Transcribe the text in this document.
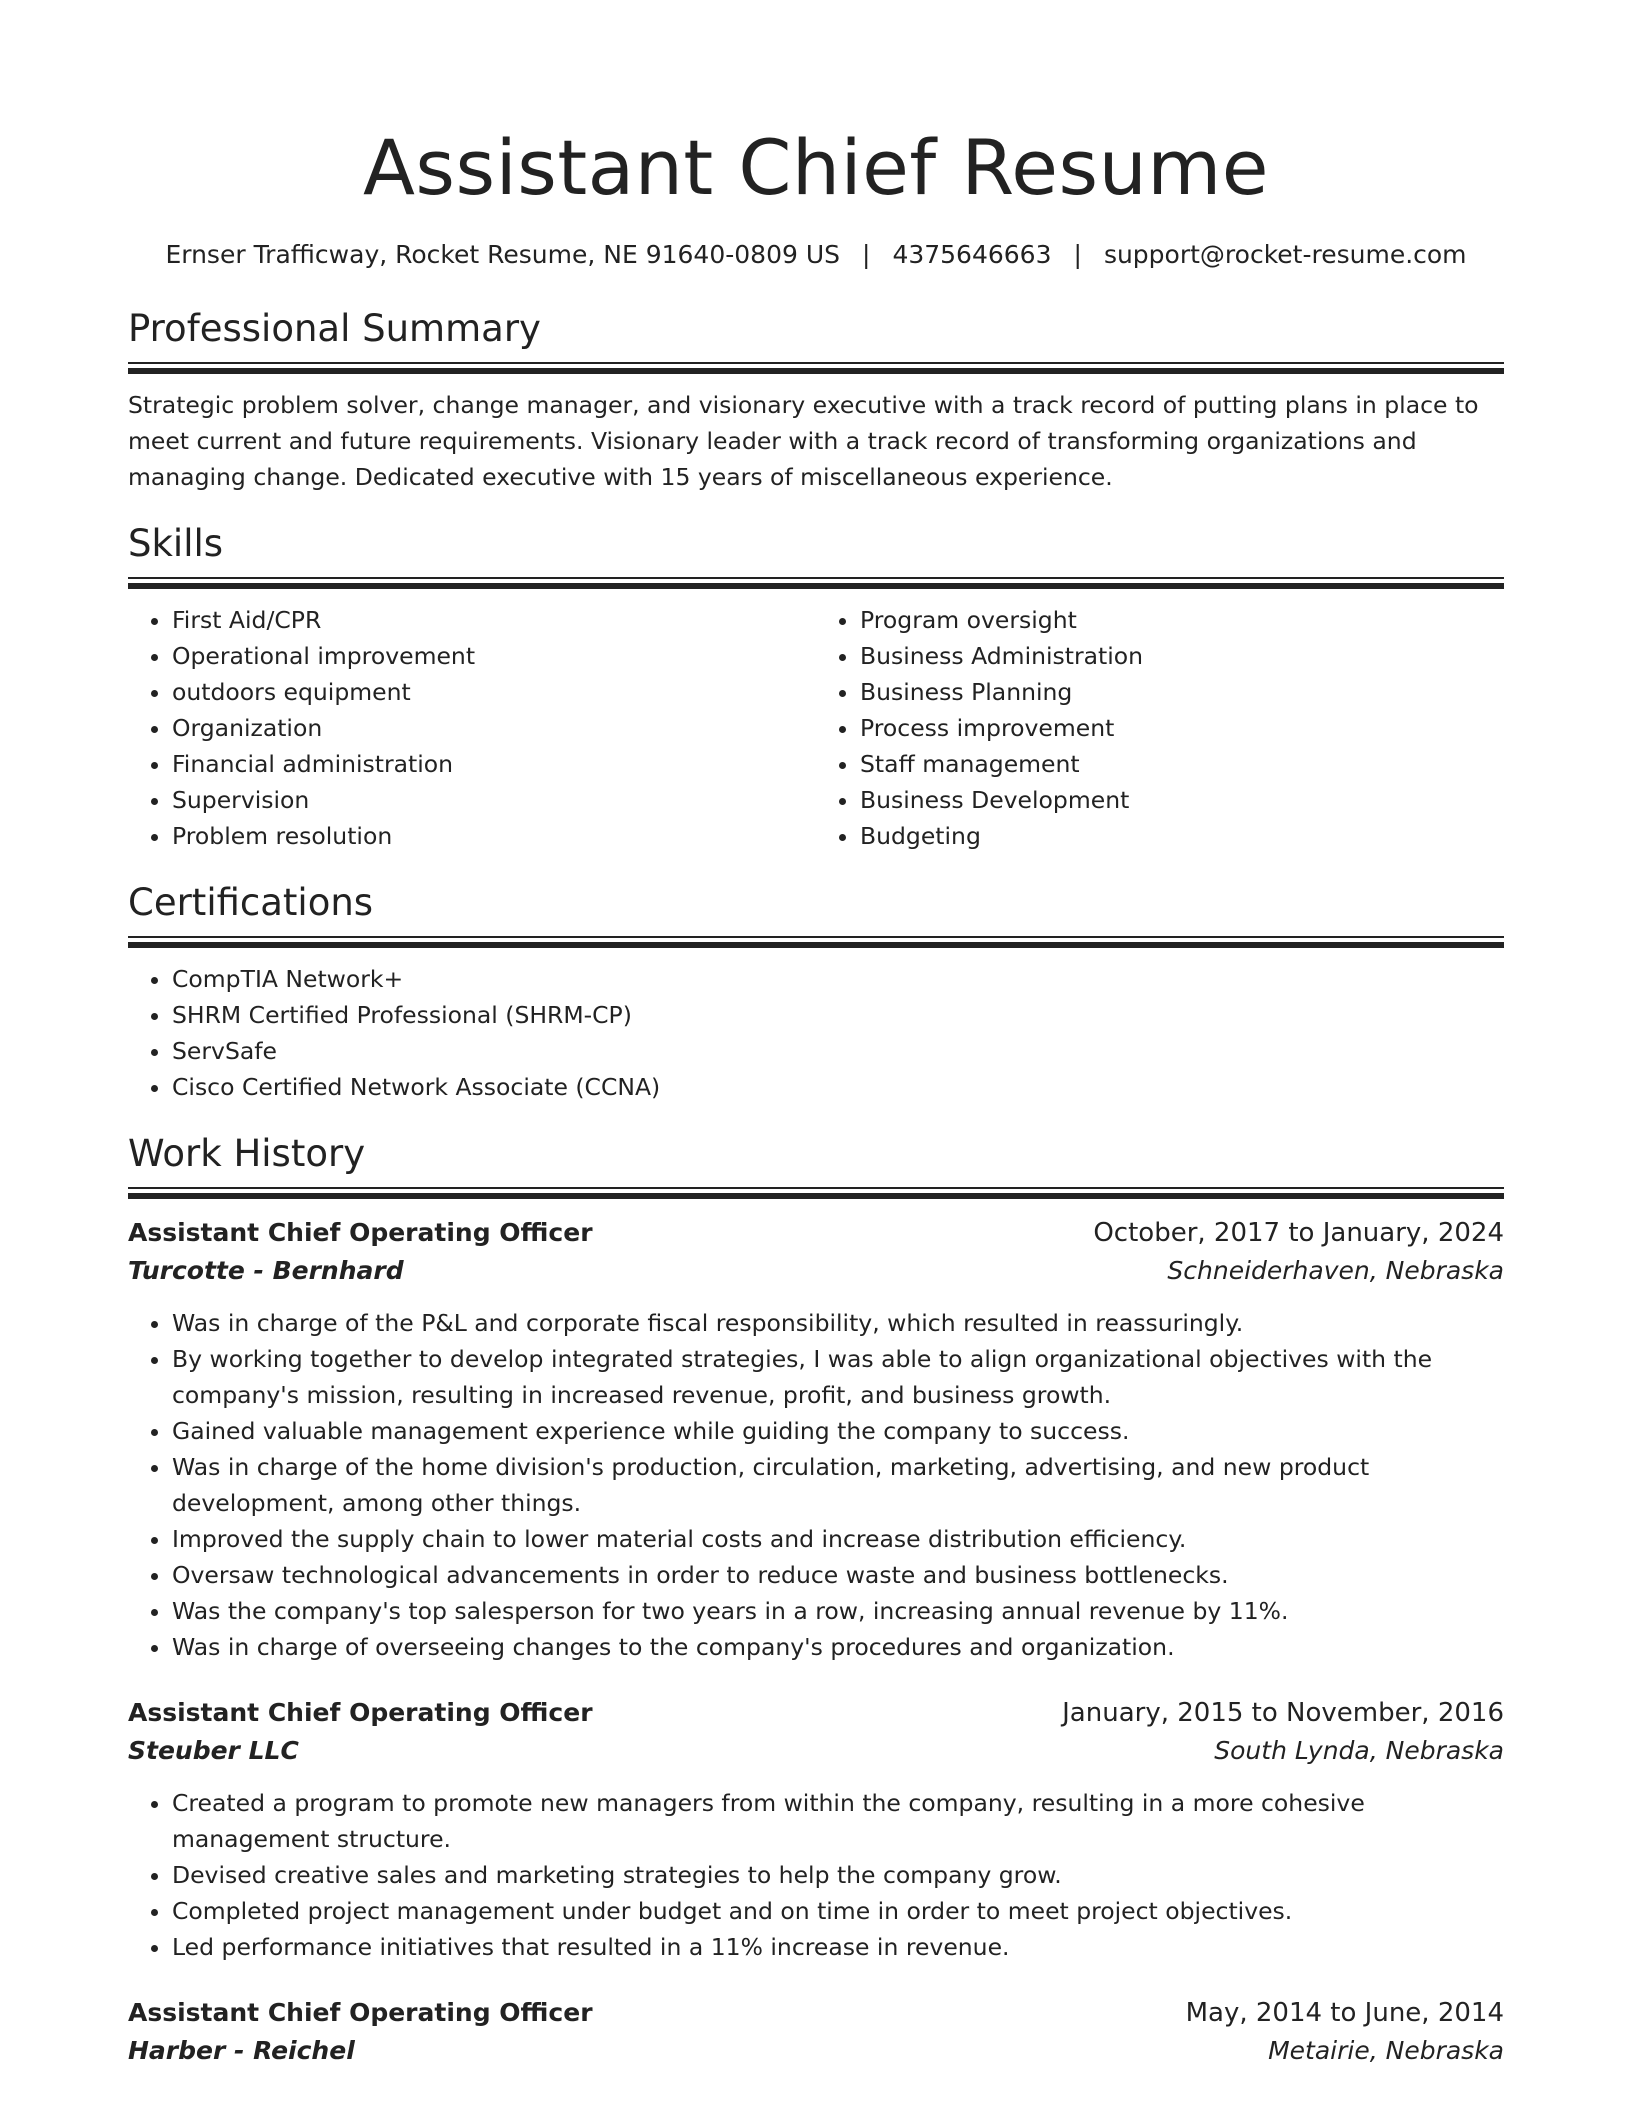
Assistant Chief Resume
Ernser Trafficway, Rocket Resume, NE 91640-0809 US | 4375646663 | support@rocket-resume.com
Professional Summary
Strategic problem solver, change manager, and visionary executive with a track record of putting plans in place to meet current and future requirements. Visionary leader with a track record of transforming organizations and managing change. Dedicated executive with 15 years of miscellaneous experience.
Skills
• First Aid/CPR
• Operational improvement
• outdoors equipment
• Organization
• Financial administration
• Supervision
• Problem resolution
• Program oversight
• Business Administration
• Business Planning
• Process improvement
• Staff management
• Business Development
• Budgeting
Certifications
• CompTIA Network+
• SHRM Certified Professional (SHRM-CP)
• ServSafe
• Cisco Certified Network Associate (CCNA)
Work History
Assistant Chief Operating Officer	October, 2017 to January, 2024
Turcotte - Bernhard	Schneiderhaven, Nebraska
• Was in charge of the P&L and corporate fiscal responsibility, which resulted in reassuringly.
• By working together to develop integrated strategies, I was able to align organizational objectives with the company's mission, resulting in increased revenue, profit, and business growth.
• Gained valuable management experience while guiding the company to success.
• Was in charge of the home division's production, circulation, marketing, advertising, and new product development, among other things.
• Improved the supply chain to lower material costs and increase distribution efficiency.
• Oversaw technological advancements in order to reduce waste and business bottlenecks.
• Was the company's top salesperson for two years in a row, increasing annual revenue by 11%.
• Was in charge of overseeing changes to the company's procedures and organization.
Assistant Chief Operating Officer	January, 2015 to November, 2016
Steuber LLC	South Lynda, Nebraska
• Created a program to promote new managers from within the company, resulting in a more cohesive management structure.
• Devised creative sales and marketing strategies to help the company grow.
• Completed project management under budget and on time in order to meet project objectives.
• Led performance initiatives that resulted in a 11% increase in revenue.
Assistant Chief Operating Officer	May, 2014 to June, 2014
Harber - Reichel	Metairie, Nebraska
